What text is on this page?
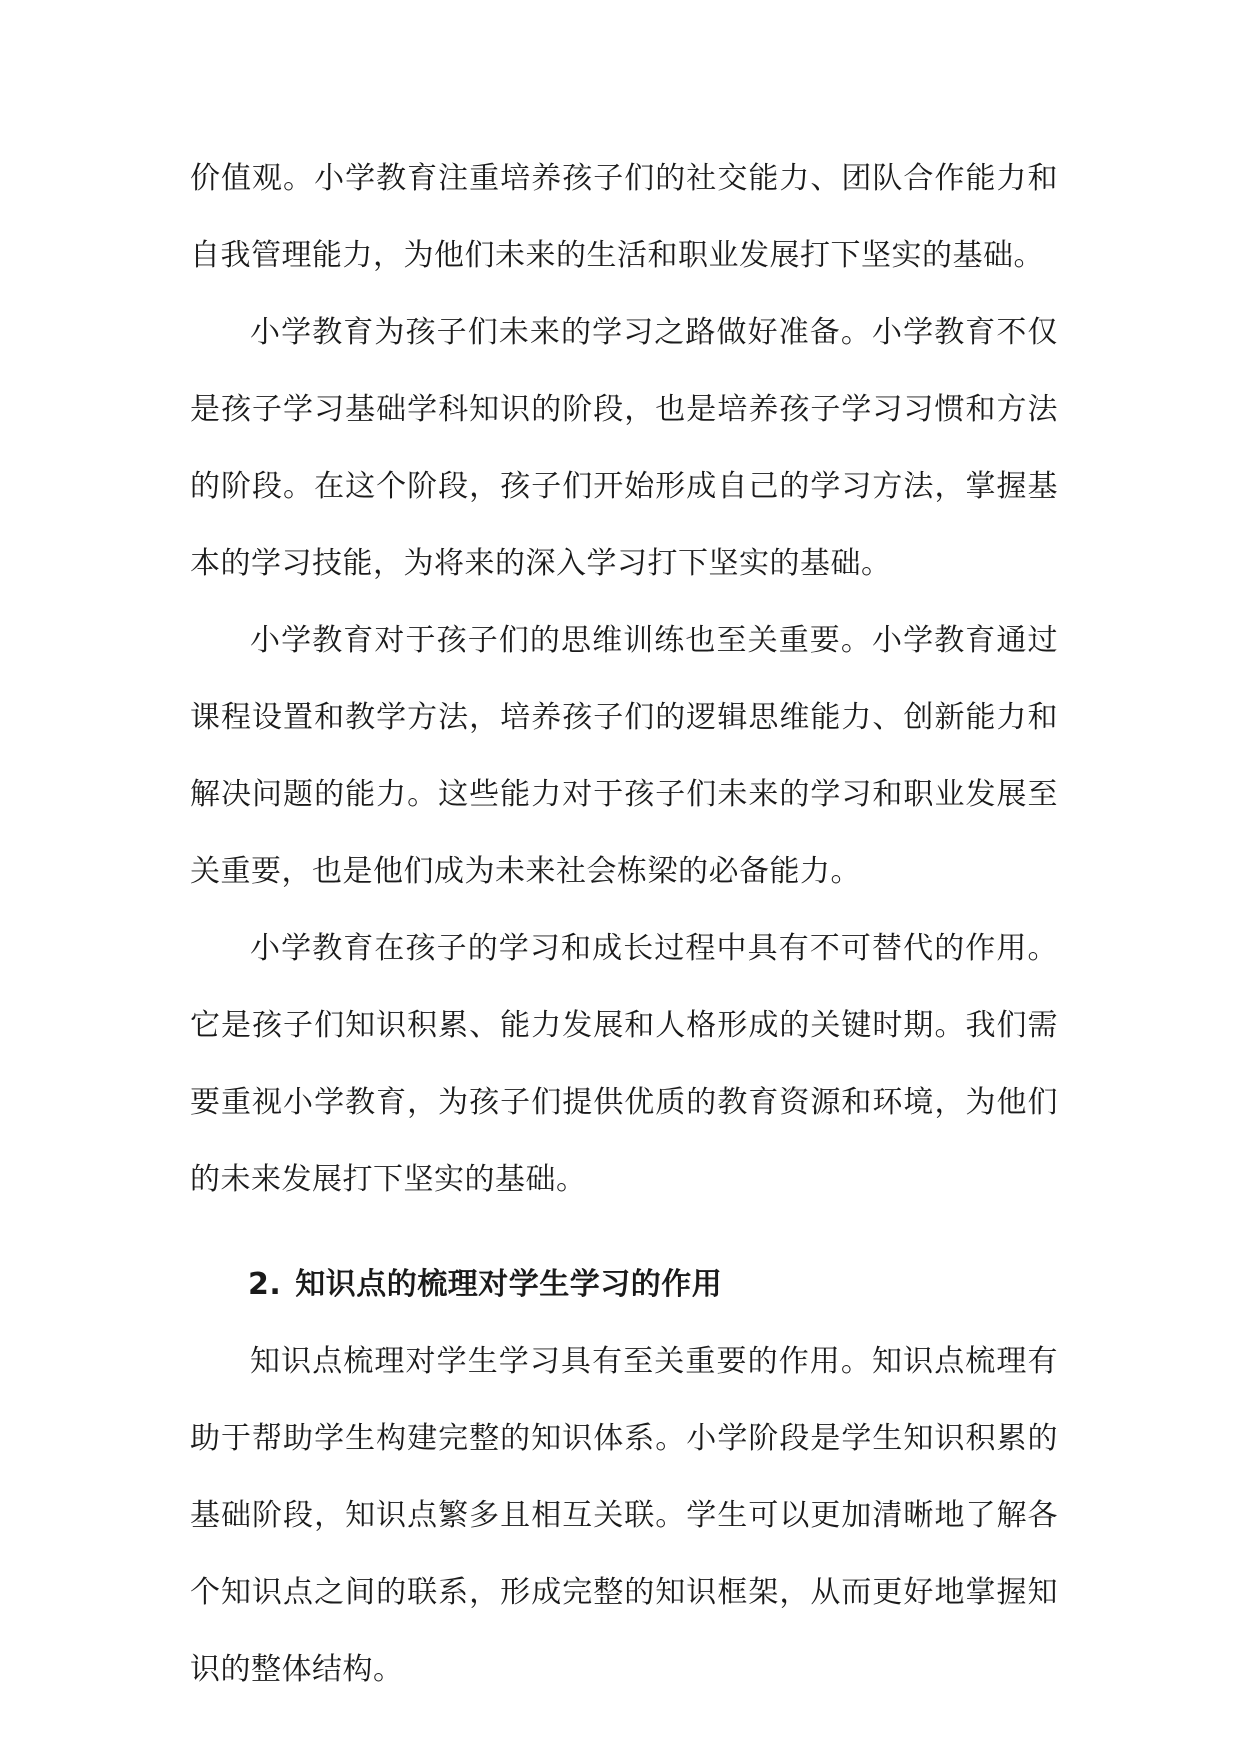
价值观。小学教育注重培养孩子们的社交能力、团队合作能力和自我管理能力，为他们未来的生活和职业发展打下坚实的基础。

小学教育为孩子们未来的学习之路做好准备。小学教育不仅是孩子学习基础学科知识的阶段，也是培养孩子学习习惯和方法的阶段。在这个阶段，孩子们开始形成自己的学习方法，掌握基本的学习技能，为将来的深入学习打下坚实的基础。

小学教育对于孩子们的思维训练也至关重要。小学教育通过课程设置和教学方法，培养孩子们的逻辑思维能力、创新能力和解决问题的能力。这些能力对于孩子们未来的学习和职业发展至关重要，也是他们成为未来社会栋梁的必备能力。

小学教育在孩子的学习和成长过程中具有不可替代的作用。它是孩子们知识积累、能力发展和人格形成的关键时期。我们需要重视小学教育，为孩子们提供优质的教育资源和环境，为他们的未来发展打下坚实的基础。

2. 知识点的梳理对学生学习的作用

知识点梳理对学生学习具有至关重要的作用。知识点梳理有助于帮助学生构建完整的知识体系。小学阶段是学生知识积累的基础阶段，知识点繁多且相互关联。学生可以更加清晰地了解各个知识点之间的联系，形成完整的知识框架，从而更好地掌握知识的整体结构。
